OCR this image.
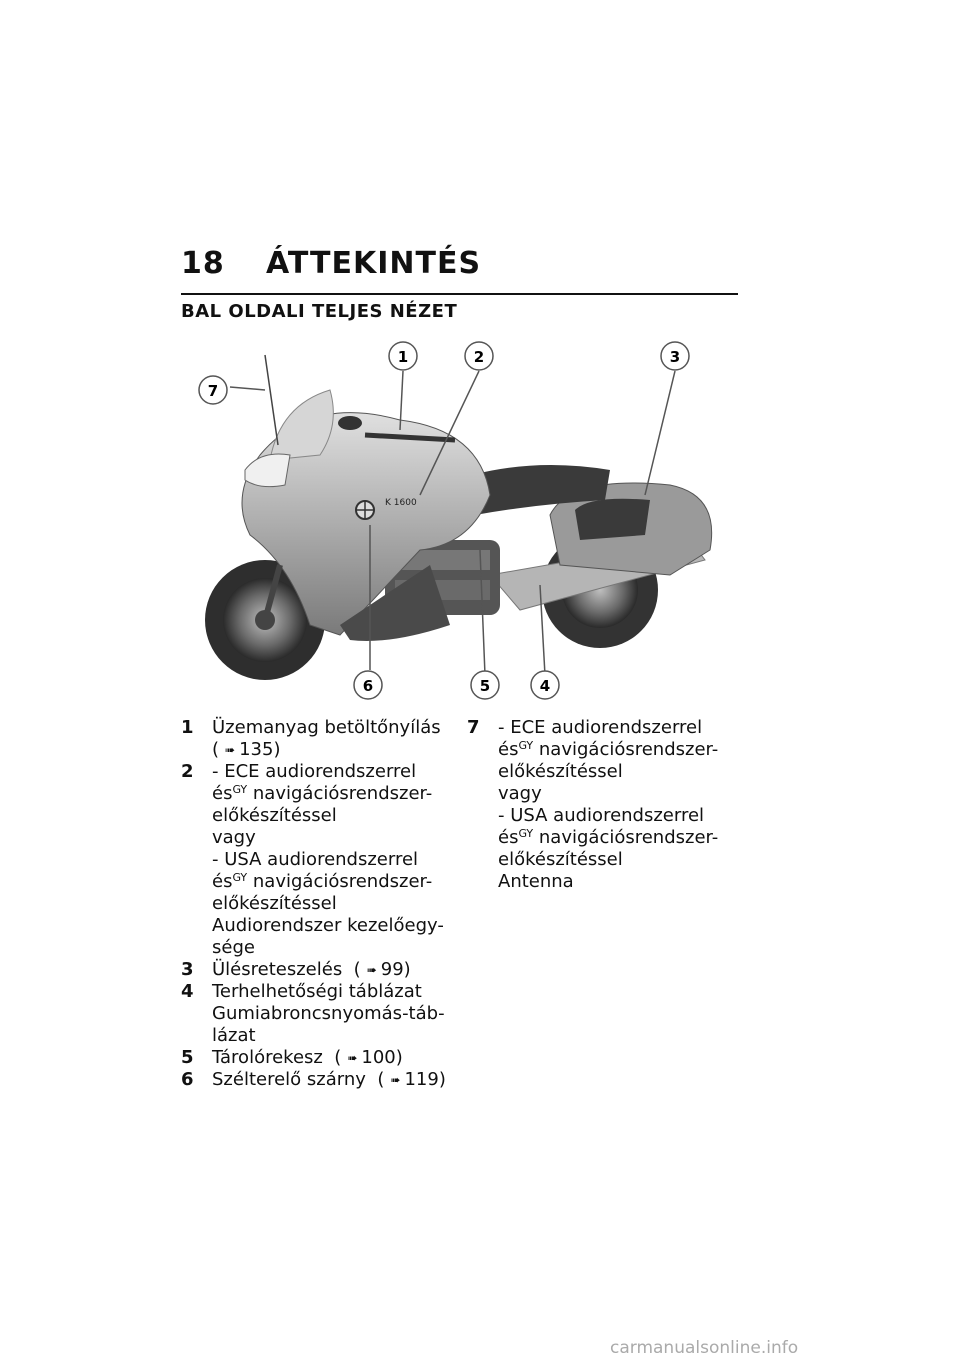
18 ÁTTEKINTÉS
BAL OLDALI TELJES NÉZET
K 1600
1	2	3
4
5
6
7
1 Üzemanyag betöltőnyílás
( ➠ 135)
2 - ECE audiorendszerrel
$és^{GY}$ navigációsrendszer-
előkészítéssel
vagy
- USA audiorendszerrel
$és^{GY}$ navigációsrendszer-
előkészítéssel
Audiorendszer kezelőegy-
sége
3 Ülésreteszelés ( ➠ 99)
4 Terhelhetőségi táblázat
Gumiabroncsnyomás-táb-
lázat
5 Tárolórekesz ( ➠ 100)
6 Szélterelő szárny ( ➠ 119)
7 - ECE audiorendszerrel
$és^{GY}$ navigációsrendszer-
előkészítéssel
vagy
- USA audiorendszerrel
$és^{GY}$ navigációsrendszer-
előkészítéssel
Antenna
carmanualsonline.info
